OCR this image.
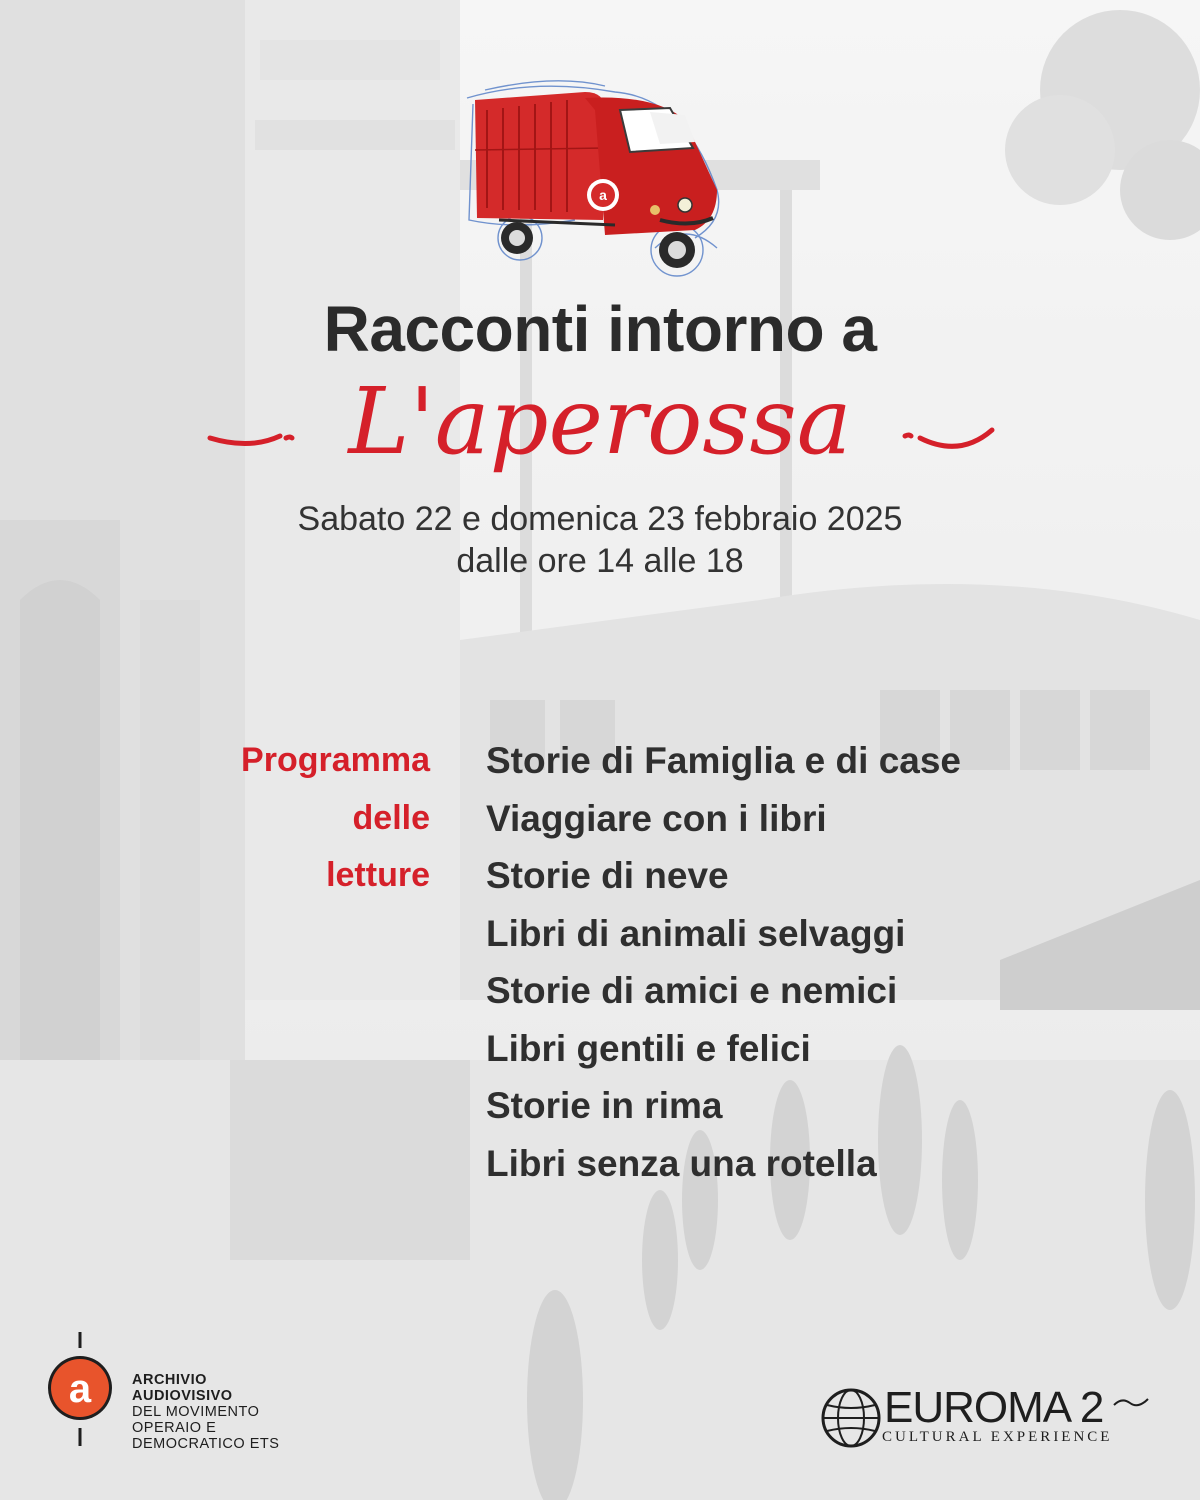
a
Racconti intorno a
L'aperossa
Sabato 22 e domenica 23 febbraio 2025
dalle ore 14 alle 18
Programma
delle
letture
Storie di Famiglia e di case
Viaggiare con i libri
Storie di neve
Libri di animali selvaggi
Storie di amici e nemici
Libri gentili e felici
Storie in rima
Libri senza una rotella
a	ARCHIVIO
AUDIOVISIVO
DEL MOVIMENTO
OPERAIO E
DEMOCRATICO ETS
EUROMA 2
CULTURAL EXPERIENCE
